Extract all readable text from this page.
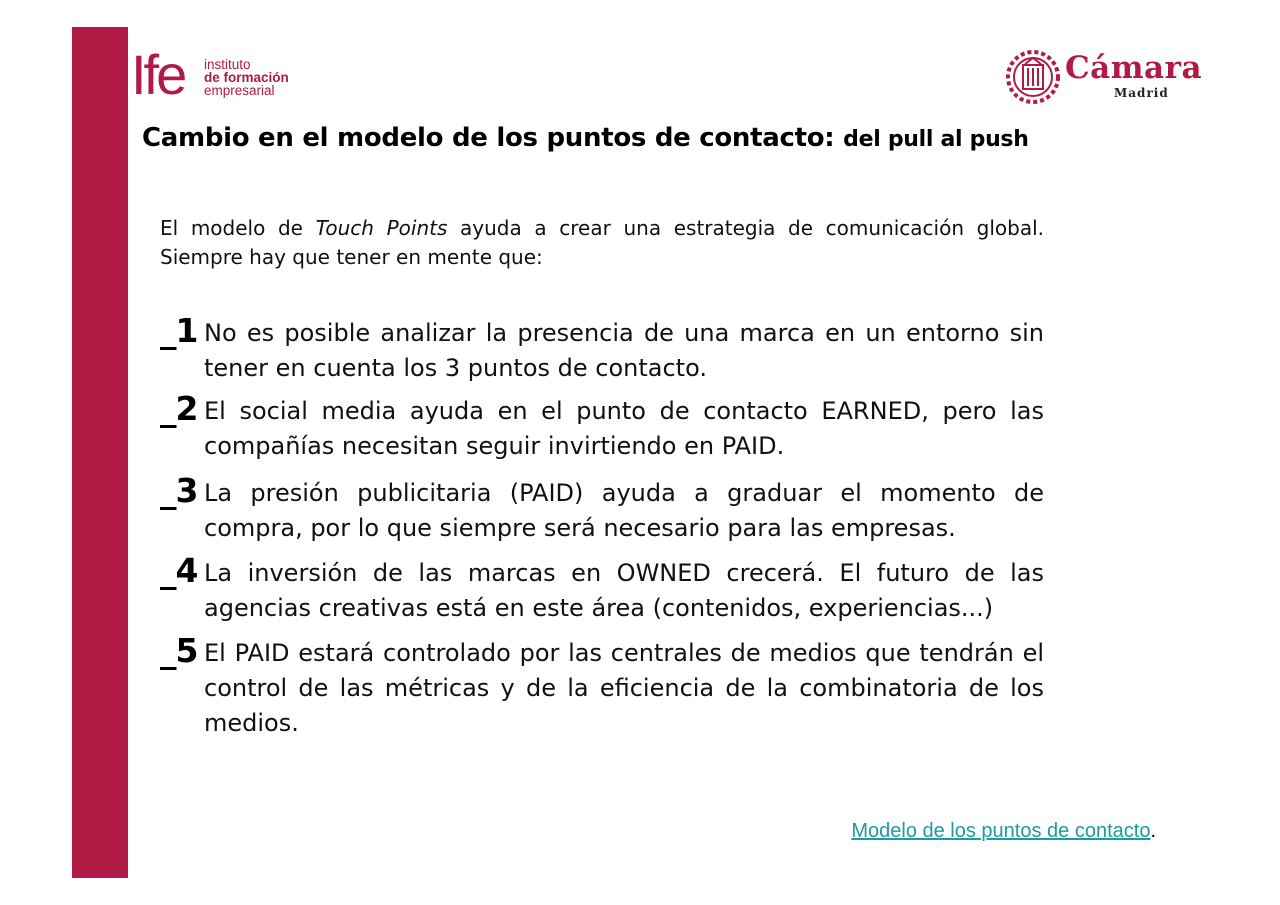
Ife instituto
de formación
empresarial
Cámara
Madrid
Cambio en el modelo de los puntos de contacto: del pull al push

El modelo de Touch Points ayuda a crear una estrategia de comunicación global. Siempre hay que tener en mente que:

_1 No es posible analizar la presencia de una marca en un entorno sin tener en cuenta los 3 puntos de contacto.
_2 El social media ayuda en el punto de contacto EARNED, pero las compañías necesitan seguir invirtiendo en PAID.
_3 La presión publicitaria (PAID) ayuda a graduar el momento de compra, por lo que siempre será necesario para las empresas.
_4 La inversión de las marcas en OWNED crecerá. El futuro de las agencias creativas está en este área (contenidos, experiencias...)
_5 El PAID estará controlado por las centrales de medios que tendrán el control de las métricas y de la eficiencia de la combinatoria de los medios.
Modelo de los puntos de contacto.
